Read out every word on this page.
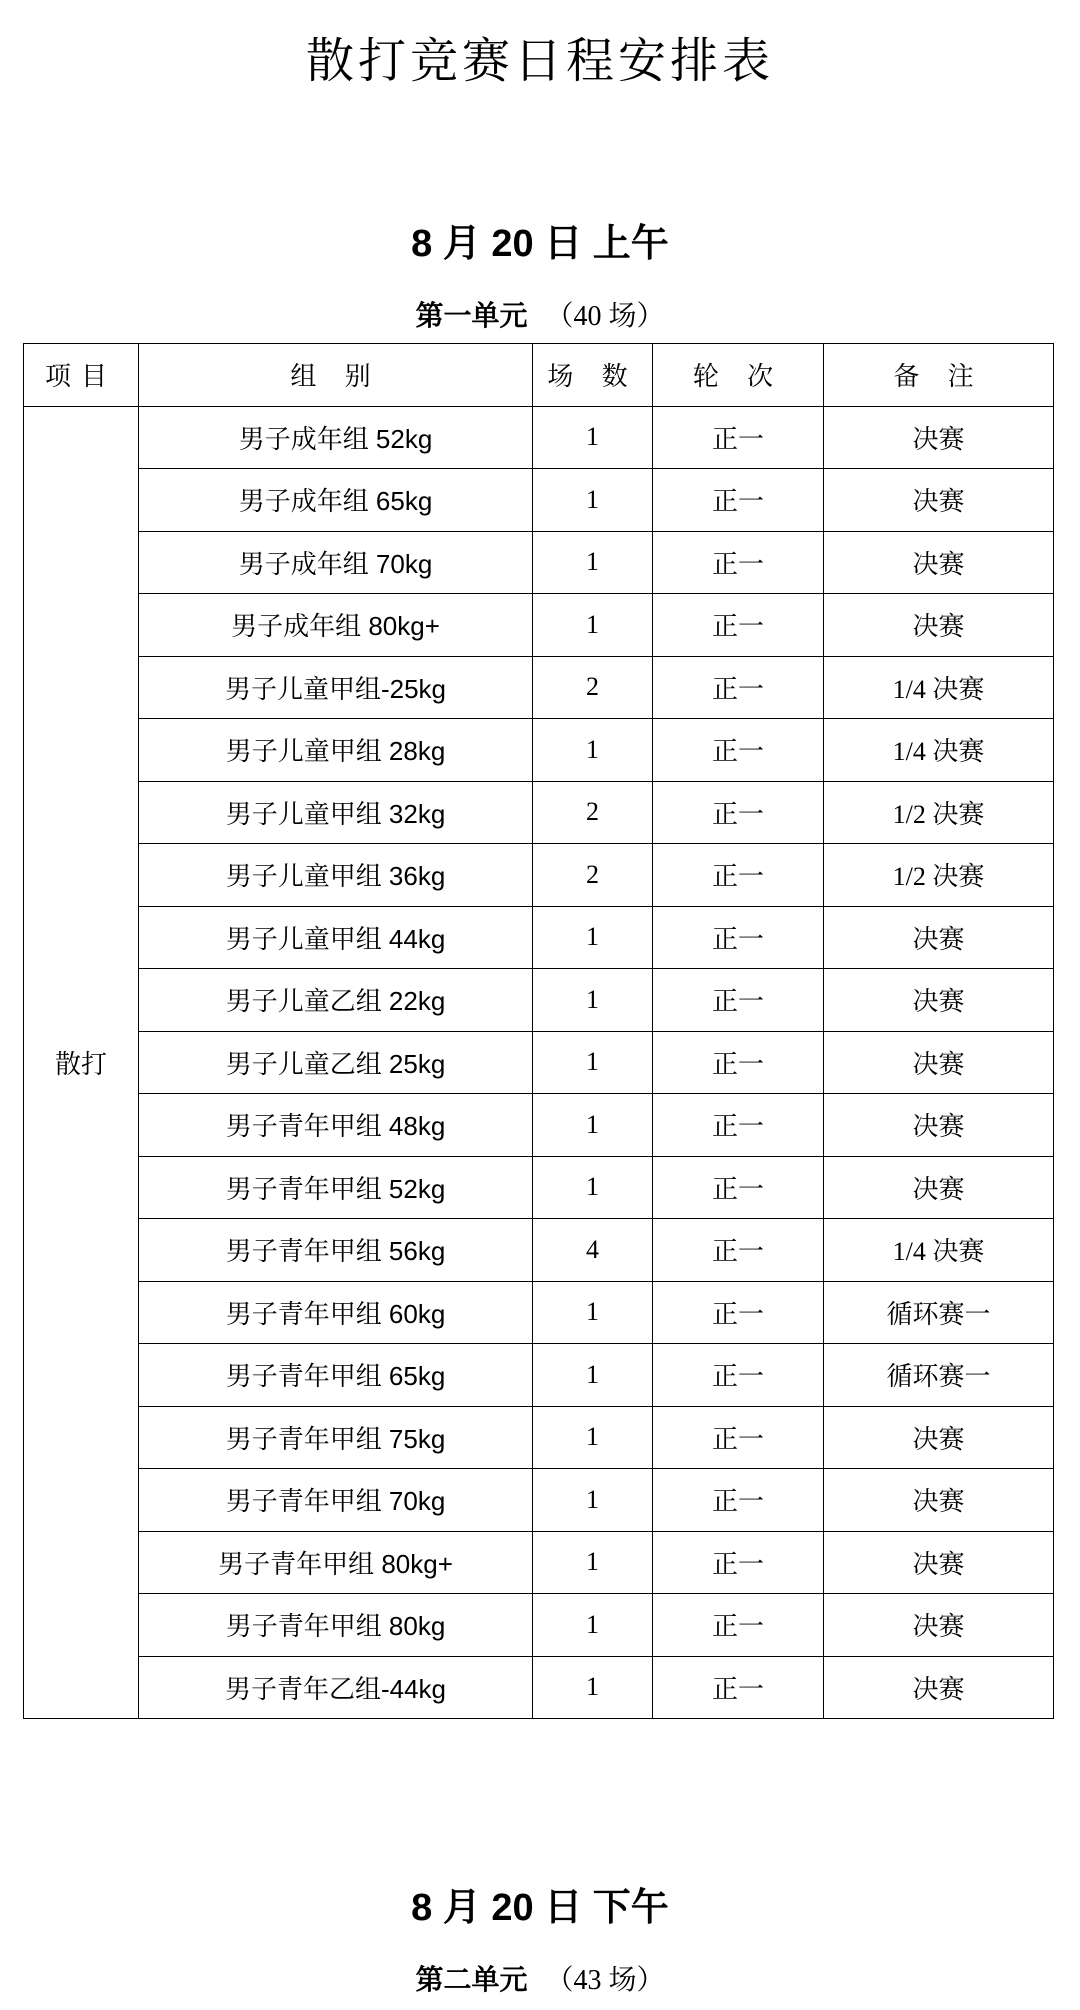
散打竞赛日程安排表
8 月 20 日 上午
第一单元 （40 场）
项目	组 别	场 数	轮 次	备 注
散打	男子成年组 52kg	1	正一	决赛
	男子成年组 65kg	1	正一	决赛
	男子成年组 70kg	1	正一	决赛
	男子成年组 80kg+	1	正一	决赛
	男子儿童甲组-25kg	2	正一	1/4 决赛
	男子儿童甲组 28kg	1	正一	1/4 决赛
	男子儿童甲组 32kg	2	正一	1/2 决赛
	男子儿童甲组 36kg	2	正一	1/2 决赛
	男子儿童甲组 44kg	1	正一	决赛
	男子儿童乙组 22kg	1	正一	决赛
	男子儿童乙组 25kg	1	正一	决赛
	男子青年甲组 48kg	1	正一	决赛
	男子青年甲组 52kg	1	正一	决赛
	男子青年甲组 56kg	4	正一	1/4 决赛
	男子青年甲组 60kg	1	正一	循环赛一
	男子青年甲组 65kg	1	正一	循环赛一
	男子青年甲组 75kg	1	正一	决赛
	男子青年甲组 70kg	1	正一	决赛
	男子青年甲组 80kg+	1	正一	决赛
	男子青年甲组 80kg	1	正一	决赛
	男子青年乙组-44kg	1	正一	决赛
8 月 20 日 下午
第二单元 （43 场）
